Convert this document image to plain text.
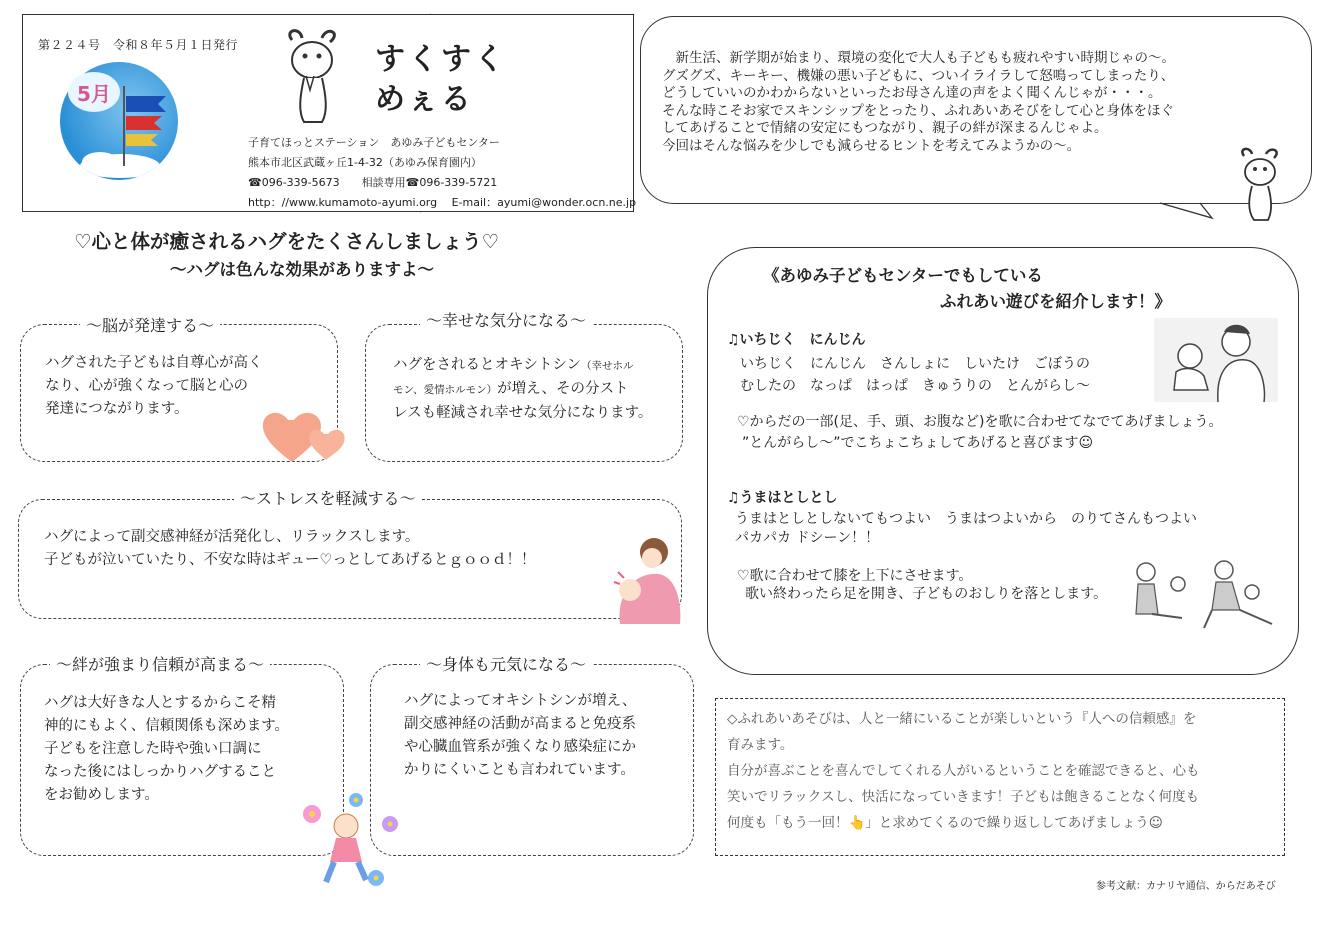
第２２４号　令和８年５月１日発行
5月
すくすく
めぇる
子育てほっとステーション　あゆみ子どもセンター
熊本市北区武蔵ヶ丘1-4-32（あゆみ保育園内）
☎096-339-5673　　相談専用☎096-339-5721
http：//www.kumamoto-ayumi.org　 E-mail：ayumi@wonder.ocn.ne.jp
　新生活、新学期が始まり、環境の変化で大人も子どもも疲れやすい時期じゃの～。
グズグズ、キーキー、機嫌の悪い子どもに、ついイライラして怒鳴ってしまったり、
どうしていいのかわからないといったお母さん達の声をよく聞くんじゃが・・・。
そんな時こそお家でスキンシップをとったり、ふれあいあそびをして心と身体をほぐ
してあげることで情緒の安定にもつながり、親子の絆が深まるんじゃよ。
今回はそんな悩みを少しでも減らせるヒントを考えてみようかの～。
♡心と体が癒されるハグをたくさんしましょう♡
～ハグは色んな効果がありますよ～
～脳が発達する～
ハグされた子どもは自尊心が高く
なり、心が強くなって脳と心の
発達につながります。
～幸せな気分になる～
ハグをされるとオキシトシン（幸せホル
モン、愛情ホルモン）が増え、その分スト
レスも軽減され幸せな気分になります。
～ストレスを軽減する～
ハグによって副交感神経が活発化し、リラックスします。
子どもが泣いていたり、不安な時はギュー♡っとしてあげるとｇｏｏｄ！！
～絆が強まり信頼が高まる～
ハグは大好きな人とするからこそ精
神的にもよく、信頼関係も深めます。
子どもを注意した時や強い口調に
なった後にはしっかりハグすること
をお勧めします。
～身体も元気になる～
ハグによってオキシトシンが増え、
副交感神経の活動が高まると免疫系
や心臓血管系が強くなり感染症にか
かりにくいことも言われています。
《あゆみ子どもセンターでもしている
ふれあい遊びを紹介します！》
♫いちじく　にんじん
いちじく　にんじん　さんしょに　しいたけ　ごぼうの
むしたの　なっぱ　はっぱ　きゅうりの　とんがらし～
♡からだの一部(足、手、頭、お腹など)を歌に合わせてなでてあげましょう。
”とんがらし～”でこちょこちょしてあげると喜びます☺
♫うまはとしとし
うまはとしとしないてもつよい　うまはつよいから　のりてさんもつよい
パカパカ ドシーン！！
♡歌に合わせて膝を上下にさせます。
歌い終わったら足を開き、子どものおしりを落とします。
◇ふれあいあそびは、人と一緒にいることが楽しいという『人への信頼感』を
育みます。
自分が喜ぶことを喜んでしてくれる人がいるということを確認できると、心も
笑いでリラックスし、快活になっていきます！子どもは飽きることなく何度も
何度も「もう一回！👆」と求めてくるので繰り返ししてあげましょう☺
参考文献：カナリヤ通信、からだあそび
